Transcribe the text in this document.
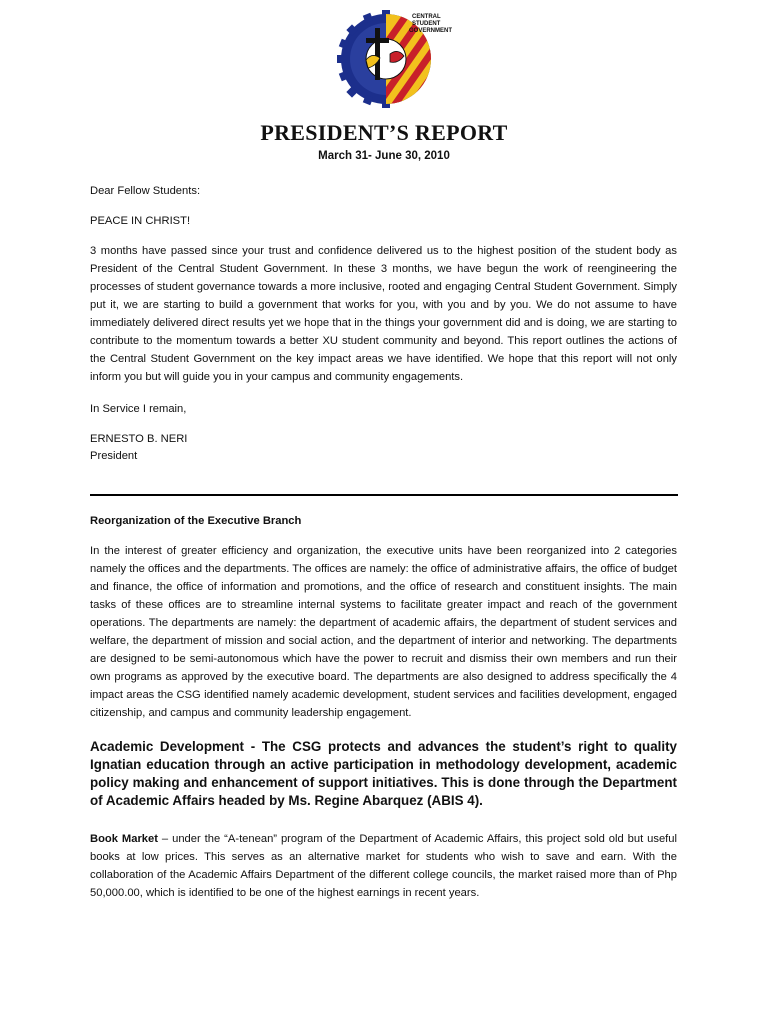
CENTRAL
STUDENT
GOVERNMENT
PRESIDENT’S REPORT
March 31- June 30, 2010
Dear Fellow Students:
PEACE IN CHRIST!
3 months have passed since your trust and confidence delivered us to the highest position of the student body as President of the Central Student Government. In these 3 months, we have begun the work of reengineering the processes of student governance towards a more inclusive, rooted and engaging Central Student Government. Simply put it, we are starting to build a government that works for you, with you and by you. We do not assume to have immediately delivered direct results yet we hope that in the things your government did and is doing, we are starting to contribute to the momentum towards a better XU student community and beyond. This report outlines the actions of the Central Student Government on the key impact areas we have identified. We hope that this report will not only inform you but will guide you in your campus and community engagements.
In Service I remain,
ERNESTO B. NERI
President
Reorganization of the Executive Branch
In the interest of greater efficiency and organization, the executive units have been reorganized into 2 categories namely the offices and the departments. The offices are namely: the office of administrative affairs, the office of budget and finance, the office of information and promotions, and the office of research and constituent insights. The main tasks of these offices are to streamline internal systems to facilitate greater impact and reach of the government operations. The departments are namely: the department of academic affairs, the department of student services and welfare, the department of mission and social action, and the department of interior and networking. The departments are designed to be semi-autonomous which have the power to recruit and dismiss their own members and run their own programs as approved by the executive board. The departments are also designed to address specifically the 4 impact areas the CSG identified namely academic development, student services and facilities development, engaged citizenship, and campus and community leadership engagement.
Academic Development - The CSG protects and advances the student’s right to quality Ignatian education through an active participation in methodology development, academic policy making and enhancement of support initiatives. This is done through the Department of Academic Affairs headed by Ms. Regine Abarquez (ABIS 4).
Book Market – under the “A-tenean” program of the Department of Academic Affairs, this project sold old but useful books at low prices. This serves as an alternative market for students who wish to save and earn. With the collaboration of the Academic Affairs Department of the different college councils, the market raised more than of Php 50,000.00, which is identified to be one of the highest earnings in recent years.
